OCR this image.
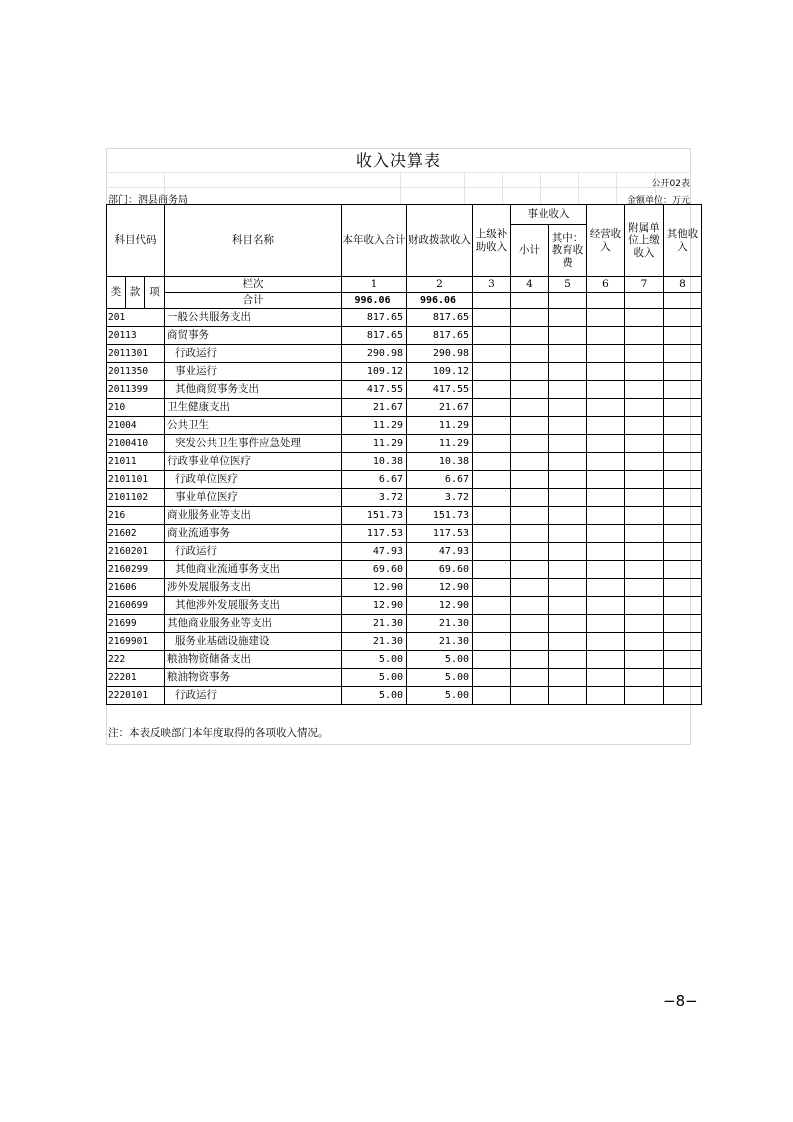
收入决算表
公开02表
部门：泗县商务局	金额单位：万元
科目代码			科目名称	本年收入合计	财政拨款收入	上级补助收入	事业收入		经营收入	附属单位上缴收入	其他收入
							小计	其中：教育收费			

类	款	项	栏次	1	2	3	4	5	6	7	8
			合计	996.06	996.06						
201			一般公共服务支出	817.65	817.65						
20113			商贸事务	817.65	817.65						
2011301			行政运行	290.98	290.98						
2011350			事业运行	109.12	109.12						
2011399			其他商贸事务支出	417.55	417.55						
210			卫生健康支出	21.67	21.67						
21004			公共卫生	11.29	11.29						
2100410			突发公共卫生事件应急处理	11.29	11.29						
21011			行政事业单位医疗	10.38	10.38						
2101101			行政单位医疗	6.67	6.67						
2101102			事业单位医疗	3.72	3.72						
216			商业服务业等支出	151.73	151.73						
21602			商业流通事务	117.53	117.53						
2160201			行政运行	47.93	47.93						
2160299			其他商业流通事务支出	69.60	69.60						
21606			涉外发展服务支出	12.90	12.90						
2160699			其他涉外发展服务支出	12.90	12.90						
21699			其他商业服务业等支出	21.30	21.30						
2169901			服务业基础设施建设	21.30	21.30						
222			粮油物资储备支出	5.00	5.00						
22201			粮油物资事务	5.00	5.00						
2220101			行政运行	5.00	5.00						
注：本表反映部门本年度取得的各项收入情况。
−8−
